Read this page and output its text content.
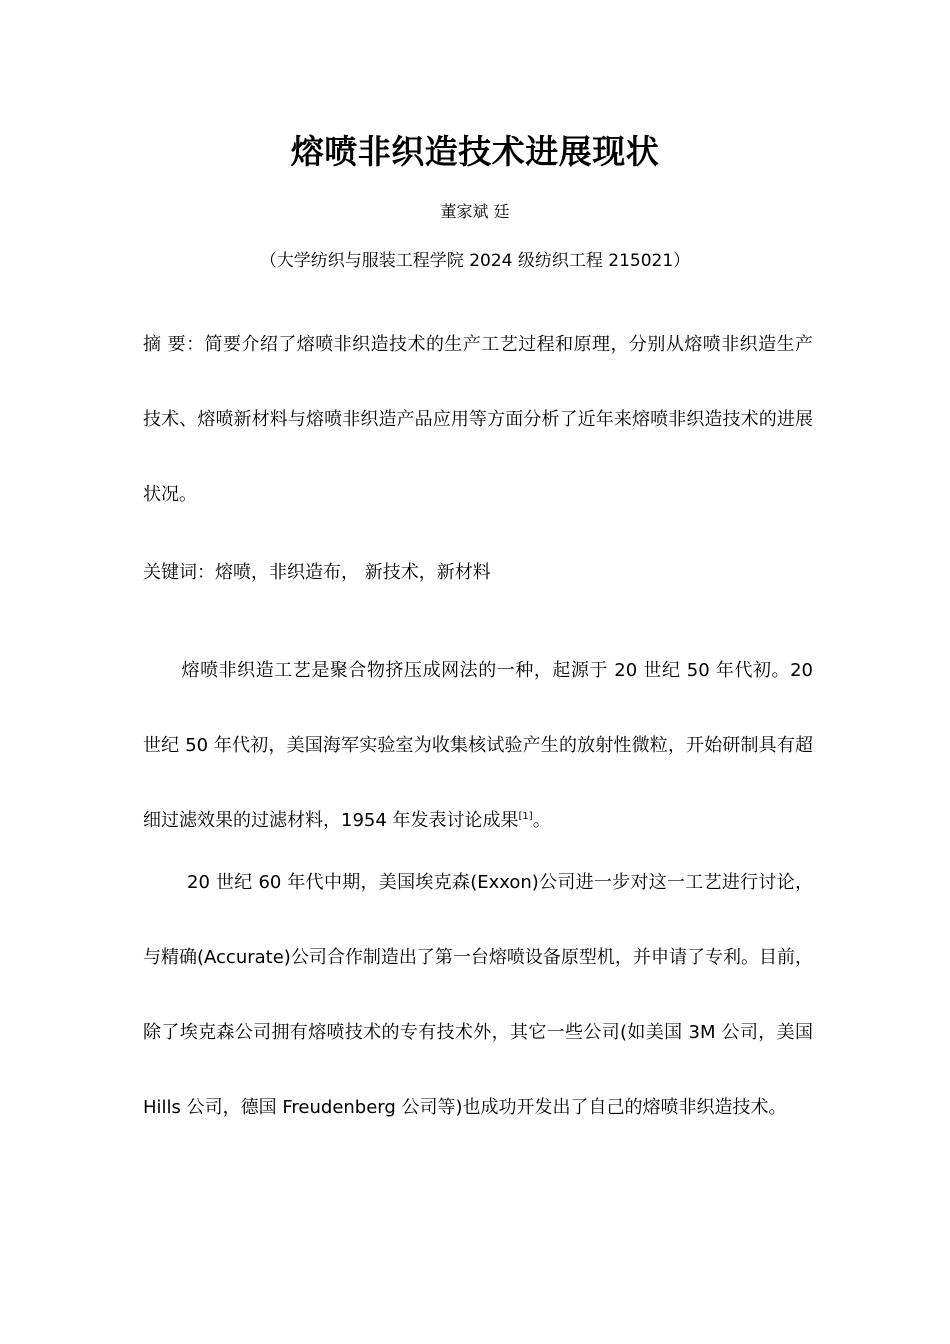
熔喷非织造技术进展现状
董家斌 廷
（大学纺织与服装工程学院 2024 级纺织工程 215021）
摘 要：简要介绍了熔喷非织造技术的生产工艺过程和原理，分别从熔喷非织造生产技术、熔喷新材料与熔喷非织造产品应用等方面分析了近年来熔喷非织造技术的进展状况。
关键词：熔喷，非织造布， 新技术，新材料

熔喷非织造工艺是聚合物挤压成网法的一种，起源于 20 世纪 50 年代初。20 世纪 50 年代初，美国海军实验室为收集核试验产生的放射性微粒，开始研制具有超细过滤效果的过滤材料，1954 年发表讨论成果[1]。

20 世纪 60 年代中期，美国埃克森(Exxon)公司进一步对这一工艺进行讨论，与精确(Accurate)公司合作制造出了第一台熔喷设备原型机，并申请了专利。目前，除了埃克森公司拥有熔喷技术的专有技术外，其它一些公司(如美国 3M 公司，美国 Hills 公司，德国 Freudenberg 公司等)也成功开发出了自己的熔喷非织造技术。
